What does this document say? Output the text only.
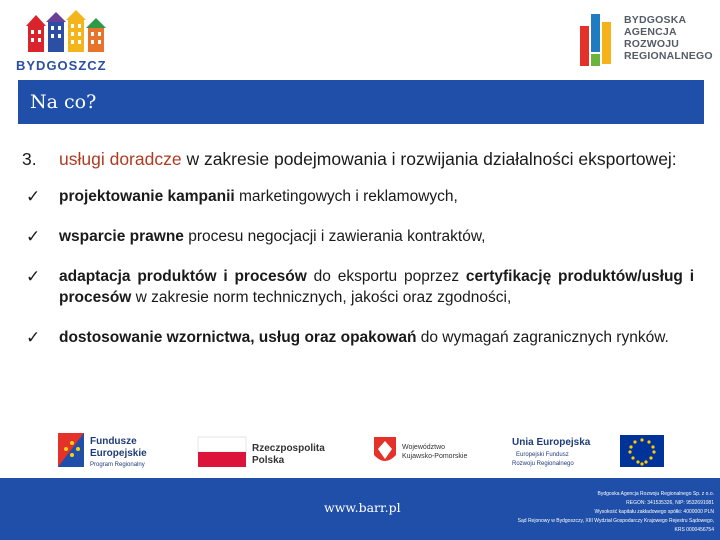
BYDGOSZCZ
BYDGOSKA
AGENCJA
ROZWOJU
REGIONALNEGO
Na co?
3.	usługi doradcze w zakresie podejmowania i rozwijania działalności eksportowej:
✓	projektowanie kampanii marketingowych i reklamowych,
✓	wsparcie prawne procesu negocjacji i zawierania kontraktów,
✓	adaptacja produktów i procesów do eksportu poprzez certyfikację produktów/usług i procesów w zakresie norm technicznych, jakości oraz zgodności,
✓	dostosowanie wzornictwa, usług oraz opakowań do wymagań zagranicznych rynków.
Fundusze
Europejskie
Program Regionalny
Rzeczpospolita
Polska
Województwo
Kujawsko-Pomorskie
Unia Europejska
Europejski Fundusz
Rozwoju Regionalnego
www.barr.pl
Bydgoska Agencja Rozwoju Regionalnego Sp. z o.o.
REGON: 341535326, NIP: 9532691081
Wysokość kapitału zakładowego spółki: 4000000 PLN
Sąd Rejonowy w Bydgoszczy, XIII Wydział Gospodarczy Krajowego Rejestru Sądowego,
KRS 0000456754
